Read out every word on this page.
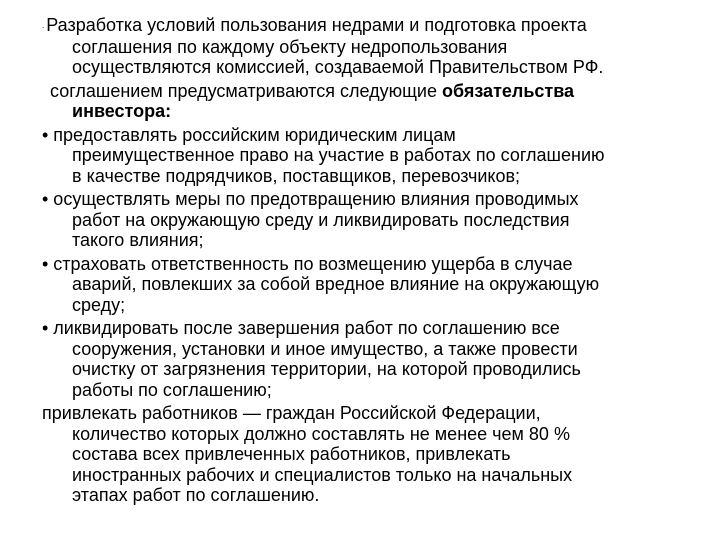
. Разработка условий пользования недрами и подготовка проекта
соглашения по каждому объекту недропользования
осуществляются комиссией, создаваемой Правительством РФ.

соглашением предусматриваются следующие обязательства
инвестора:

• предоставлять российским юридическим лицам
преимущественное право на участие в работах по соглашению
в качестве подрядчиков, поставщиков, перевозчиков;

• осуществлять меры по предотвращению влияния проводимых
работ на окружающую среду и ликвидировать последствия
такого влияния;

• страховать ответственность по возмещению ущерба в случае
аварий, повлекших за собой вредное влияние на окружающую
среду;

• ликвидировать после завершения работ по соглашению все
сооружения, установки и иное имущество, а также провести
очистку от загрязнения территории, на которой проводились
работы по соглашению;

привлекать работников — граждан Российской Федерации,
количество которых должно составлять не менее чем 80 %
состава всех привлеченных работников, привлекать
иностранных рабочих и специалистов только на начальных
этапах работ по соглашению.
